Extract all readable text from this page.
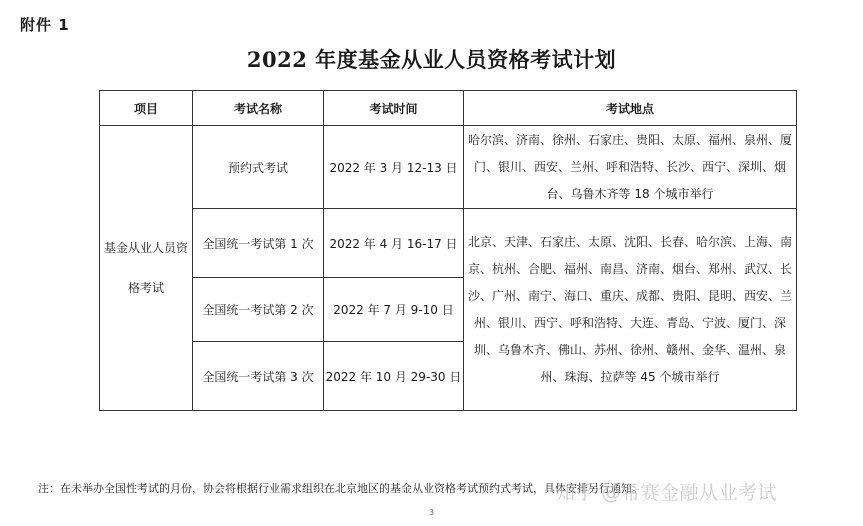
附件 1
2022 年度基金从业人员资格考试计划
项目	考试名称	考试时间	考试地点
基金从业人员资格考试	预约式考试	2022 年 3 月 12-13 日	哈尔滨、济南、徐州、石家庄、贵阳、太原、福州、泉州、厦门、银川、西安、兰州、呼和浩特、长沙、西宁、深圳、烟台、乌鲁木齐等 18 个城市举行
	全国统一考试第 1 次	2022 年 4 月 16-17 日	北京、天津、石家庄、太原、沈阳、长春、哈尔滨、上海、南京、杭州、合肥、福州、南昌、济南、烟台、郑州、武汉、长沙、广州、南宁、海口、重庆、成都、贵阳、昆明、西安、兰州、银川、西宁、呼和浩特、大连、青岛、宁波、厦门、深圳、乌鲁木齐、佛山、苏州、徐州、赣州、金华、温州、泉州、珠海、拉萨等 45 个城市举行
	全国统一考试第 2 次	2022 年 7 月 9-10 日	
	全国统一考试第 3 次	2022 年 10 月 29-30 日	
注：在未举办全国性考试的月份，协会将根据行业需求组织在北京地区的基金从业资格考试预约式考试，具体安排另行通知。
知乎 @希赛金融从业考试
3
